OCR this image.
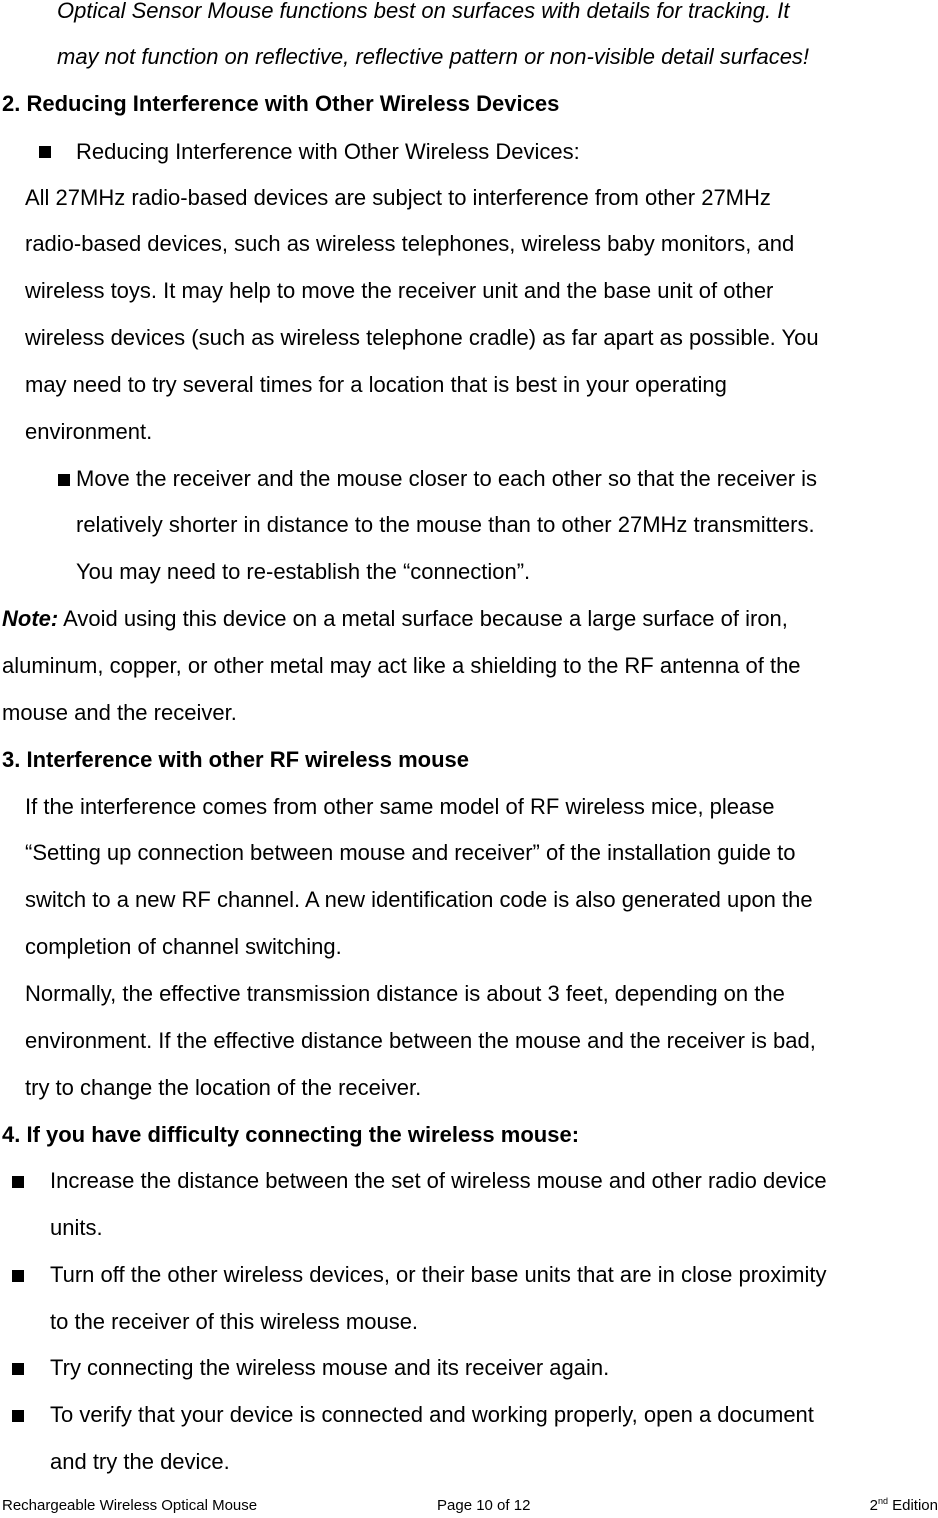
Optical Sensor Mouse functions best on surfaces with details for tracking. It
may not function on reflective, reflective pattern or non-visible detail surfaces!
2. Reducing Interference with Other Wireless Devices
Reducing Interference with Other Wireless Devices:
All 27MHz radio-based devices are subject to interference from other 27MHz
radio-based devices, such as wireless telephones, wireless baby monitors, and
wireless toys. It may help to move the receiver unit and the base unit of other
wireless devices (such as wireless telephone cradle) as far apart as possible. You
may need to try several times for a location that is best in your operating
environment.
Move the receiver and the mouse closer to each other so that the receiver is
relatively shorter in distance to the mouse than to other 27MHz transmitters.
You may need to re-establish the “connection”.
Note: Avoid using this device on a metal surface because a large surface of iron,
aluminum, copper, or other metal may act like a shielding to the RF antenna of the
mouse and the receiver.
3. Interference with other RF wireless mouse
If the interference comes from other same model of RF wireless mice, please
“Setting up connection between mouse and receiver” of the installation guide to
switch to a new RF channel. A new identification code is also generated upon the
completion of channel switching.
Normally, the effective transmission distance is about 3 feet, depending on the
environment. If the effective distance between the mouse and the receiver is bad,
try to change the location of the receiver.
4. If you have difficulty connecting the wireless mouse:
Increase the distance between the set of wireless mouse and other radio device
units.
Turn off the other wireless devices, or their base units that are in close proximity
to the receiver of this wireless mouse.
Try connecting the wireless mouse and its receiver again.
To verify that your device is connected and working properly, open a document
and try the device.
Rechargeable Wireless Optical Mouse	Page 10 of 12	2nd Edition
